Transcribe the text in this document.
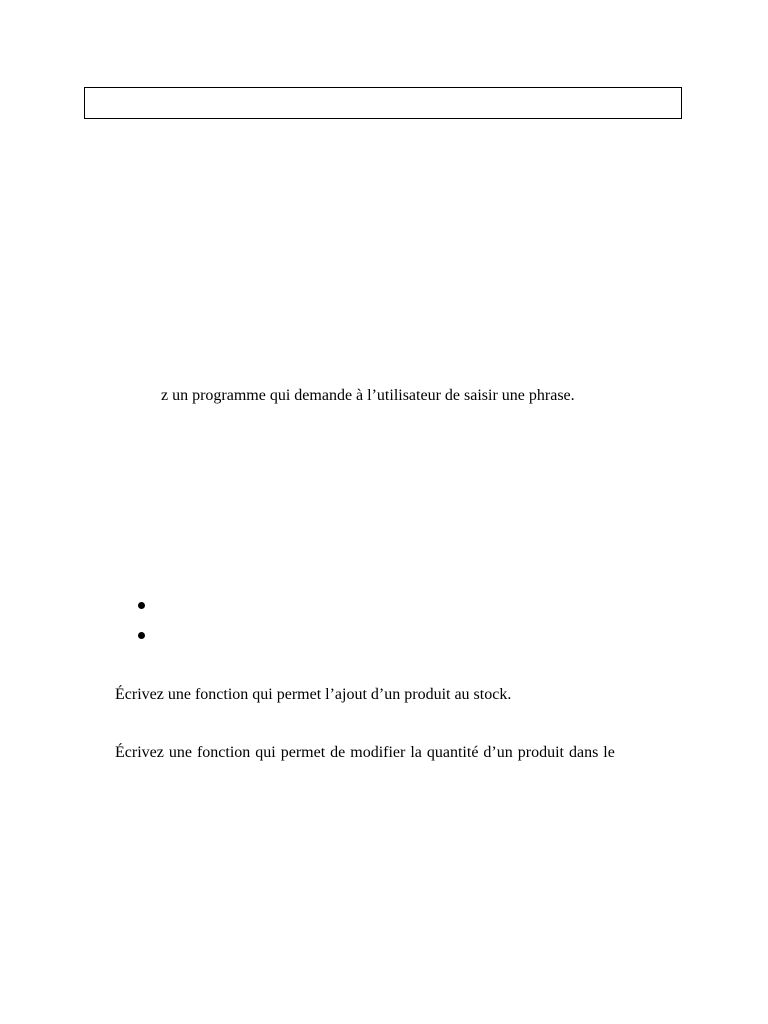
z un programme qui demande à l’utilisateur de saisir une phrase.
Écrivez une fonction qui permet l’ajout d’un produit au stock.
Écrivez une fonction qui permet de modifier la quantité d’un produit dans le
